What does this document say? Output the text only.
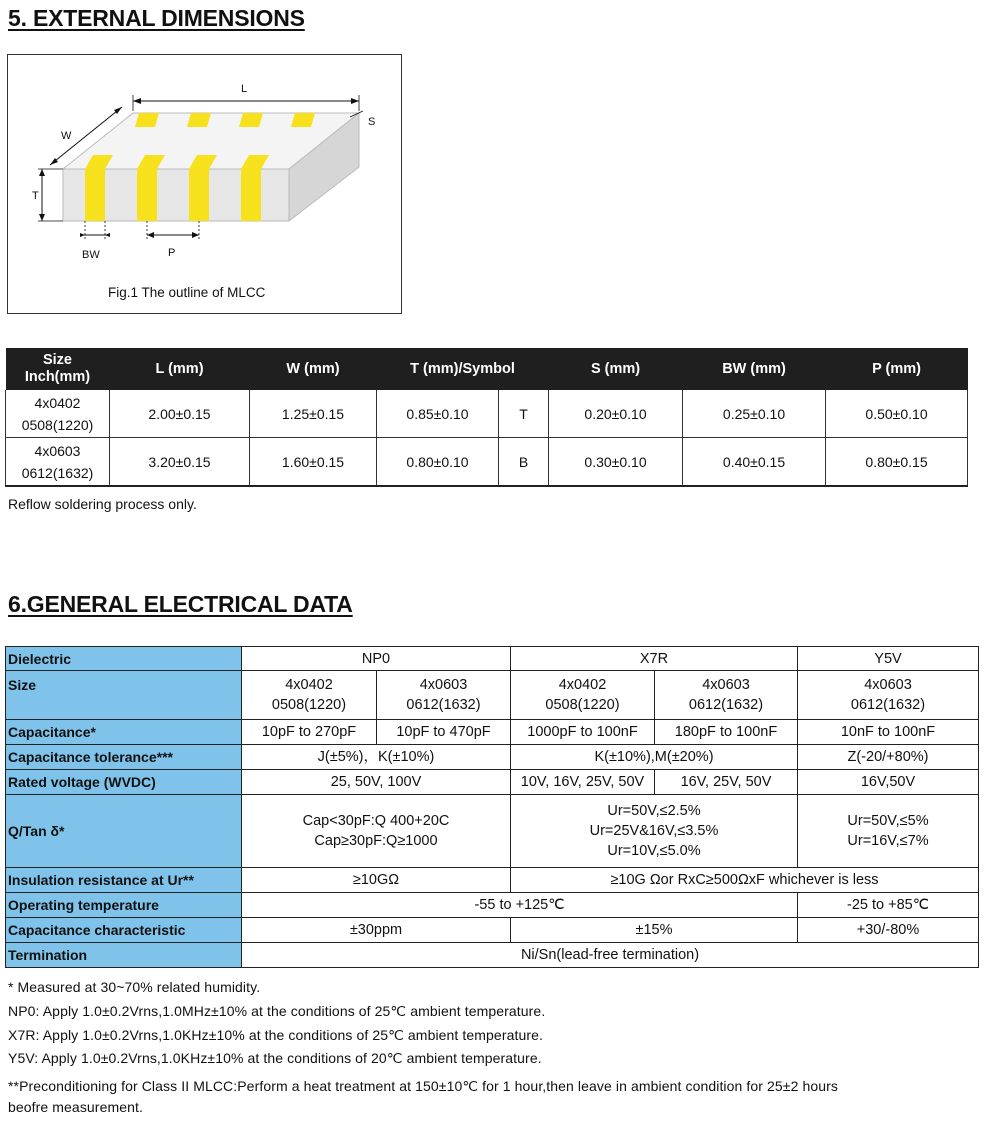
5. EXTERNAL DIMENSIONS
L
W
T
S
BW	P
Fig.1 The outline of MLCC
Size
Inch(mm)	L (mm)	W (mm)	T (mm)/Symbol		S (mm)	BW (mm)	P (mm)
4x0402
0508(1220)	2.00±0.15	1.25±0.15	0.85±0.10	T	0.20±0.10	0.25±0.10	0.50±0.10
4x0603
0612(1632)	3.20±0.15	1.60±0.15	0.80±0.10	B	0.30±0.10	0.40±0.15	0.80±0.15
Reflow soldering process only.
6.GENERAL ELECTRICAL DATA
Dielectric	NP0		X7R		Y5V
Size	4x0402
0508(1220)	4x0603
0612(1632)	4x0402
0508(1220)	4x0603
0612(1632)	4x0603
0612(1632)
Capacitance*	10pF to 270pF	10pF to 470pF	1000pF to 100nF	180pF to 100nF	10nF to 100nF
Capacitance tolerance***	J(±5%)，K(±10%)		K(±10%),M(±20%)		Z(-20/+80%)
Rated voltage (WVDC)	25, 50V, 100V		10V, 16V, 25V, 50V	16V, 25V, 50V	16V,50V
Q/Tan δ*	Cap<30pF:Q 400+20C
Cap≥30pF:Q≥1000		Ur=50V,≤2.5%
Ur=25V&16V,≤3.5%
Ur=10V,≤5.0%		Ur=50V,≤5%
Ur=16V,≤7%
Insulation resistance at Ur**	≥10GΩ		≥10G Ωor RxC≥500ΩxF whichever is less		
Operating temperature	-55 to +125℃				-25 to +85℃
Capacitance characteristic	±30ppm		±15%		+30/-80%
Termination	Ni/Sn(lead-free termination)				
* Measured at 30~70% related humidity.
NP0: Apply 1.0±0.2Vrns,1.0MHz±10% at the conditions of 25℃ ambient temperature.
X7R: Apply 1.0±0.2Vrns,1.0KHz±10% at the conditions of 25℃ ambient temperature.
Y5V: Apply 1.0±0.2Vrns,1.0KHz±10% at the conditions of 20℃ ambient temperature.
**Preconditioning for Class II MLCC:Perform a heat treatment at 150±10℃ for 1 hour,then leave in ambient condition for 25±2 hours
beofre measurement.
